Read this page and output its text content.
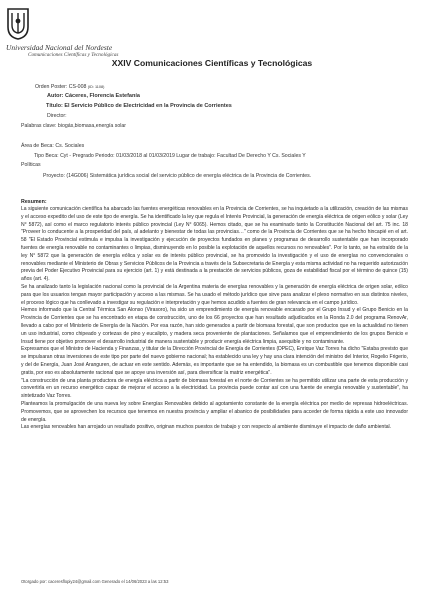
Universidad Nacional del Nordeste
Comunicaciones Científicas y Tecnológicas
XXIV Comunicaciones Científicas y Tecnológicas
Orden Poster: CS-008 (ID: 1108)
Autor: Cáceres, Florencia Estefanía
Título: El Servicio Público de Electricidad en la Provincia de Corrientes
Director:
Palabras clave: biogás,biomasa,energía solar
Área de Beca: Cs. Sociales
Tipo Beca: Cyt - Pregrado Periodo: 01/03/2018 al 01/03/2019 Lugar de trabajo: Facultad De Derecho Y Cs. Sociales Y
Políticas
Proyecto: (14G006) Sistemática jurídica social del servicio público de energía eléctrica de la Provincia de Corrientes.
Resumen:

La siguiente comunicación científica ha abarcado las fuentes energéticas renovables en la Provincia de Corrientes, se ha inquietado a la utilización, creación de las mismas y el acceso expedito del uso de este tipo de energía. Se ha identificado la ley que regula el Interés Provincial, la generación de energía eléctrica de origen eólico y solar (Ley N° 5872), así como el marco regulatorio interés público provincial (Ley N° 6065). Hemos citado, que se ha examinado tanto la Constitución Nacional del art. 75 inc. 18 "Proveer lo conducente a la prosperidad del país, al adelanto y bienestar de todas las provincias…" como de la Provincia de Corrientes que se ha hecho hincapié en el art. 58 "El Estado Provincial estimula e impulsa la investigación y ejecución de proyectos fundados en planes y programas de desarrollo sustentable que han incorporado fuentes de energía renovable no contaminantes o limpias, disminuyendo en lo posible la explotación de aquellos recursos no renovables". Por lo tanto, se ha extraído de la ley N° 5872 que la generación de energía eólica y solar es de interés público provincial, se ha promovido la investigación y el uso de energías no convencionales o renovables mediante el Ministerio de Obras y Servicios Públicos de la Provincia a través de la Subsecretaria de Energía y esta misma actividad no ha requerido autorización previa del Poder Ejecutivo Provincial para su ejercicio (art. 1) y está destinada a la prestación de servicios públicos, goza de estabilidad fiscal por el término de quince (15) años (art. 4).

Se ha analizado tanto la legislación nacional como la provincial de la Argentina materia de energías renovables y la generación de energía eléctrica de origen solar, eólico para que los usuarios tengan mayor participación y acceso a las mismas. Se ha usado el método jurídico que sirve para analizar el plexo normativo en sus distintos niveles, el proceso lógico que ha conllevado a investigar su regulación e interpretación y que hemos acudido a fuentes de gran relevancia en el campo jurídico.

Hemos informado que la Central Térmica San Alonso (Virasoro), ha sido un emprendimiento de energía renovable encarado por el Grupo Insud y el Grupo Benicio en la Provincia de Corrientes que se ha encontrado en etapa de construcción, uno de los 66 proyectos que han resultado adjudicados en la Ronda 2.0 del programa RenovAr, llevado a cabo por el Ministerio de Energía de la Nación. Por esa razón, han sido generados a partir de biomasa forestal, que son productos que en la actualidad no tienen un uso industrial, como chipeado y cortezas de pino y eucalipto, y madera seca proveniente de plantaciones. Señalamos que el emprendimiento de los grupos Benicio e Insud tiene por objetivo promover el desarrollo industrial de manera sustentable y producir energía eléctrica limpia, asequible y no contaminante.

Expresamos que el Ministro de Hacienda y Finanzas, y titular de la Dirección Provincial de Energía de Corrientes (DPEC), Enrique Vaz Torres ha dicho "Estaba previsto que se impulsaran otras inversiones de este tipo por parte del nuevo gobierno nacional; ha establecido una ley y hay una clara intención del ministro del Interior, Rogelio Frigerio, y del de Energía, Juan José Aranguren, de actuar en este sentido. Además, es importante que se ha entendido, la biomasa es un combustible que tenemos disponible casi gratis, por eso es absolutamente racional que se apoye una inversión así, para diversificar la matriz energética".

"La construcción de una planta productora de energía eléctrica a partir de biomasa forestal en el norte de Corrientes se ha permitido utilizar una parte de esta producción y convertirla en un recurso energético capaz de mejorar el acceso a la electricidad. La provincia puede contar así con una fuente de energía renovable y sustentable", ha sintetizado Vaz Torres.

Planteamos la promulgación de una nueva ley sobre Energías Renovables debido al agotamiento constante de la energía eléctrica por medio de represas hidroeléctricas. Promovemos, que se aprovechen los recursos que tenemos en nuestra provincia y ampliar el abanico de posibilidades para acceder de forma rápida a este uso innovador de energía.

Las energías renovables han arrojado un resultado positivo, originan muchos puestos de trabajo y con respecto al ambiente disminuye el impacto de daño ambiental.

Otorgado por: caceresflopiy24@gmail.com Generado el 14/06/2023 a las 12:53
